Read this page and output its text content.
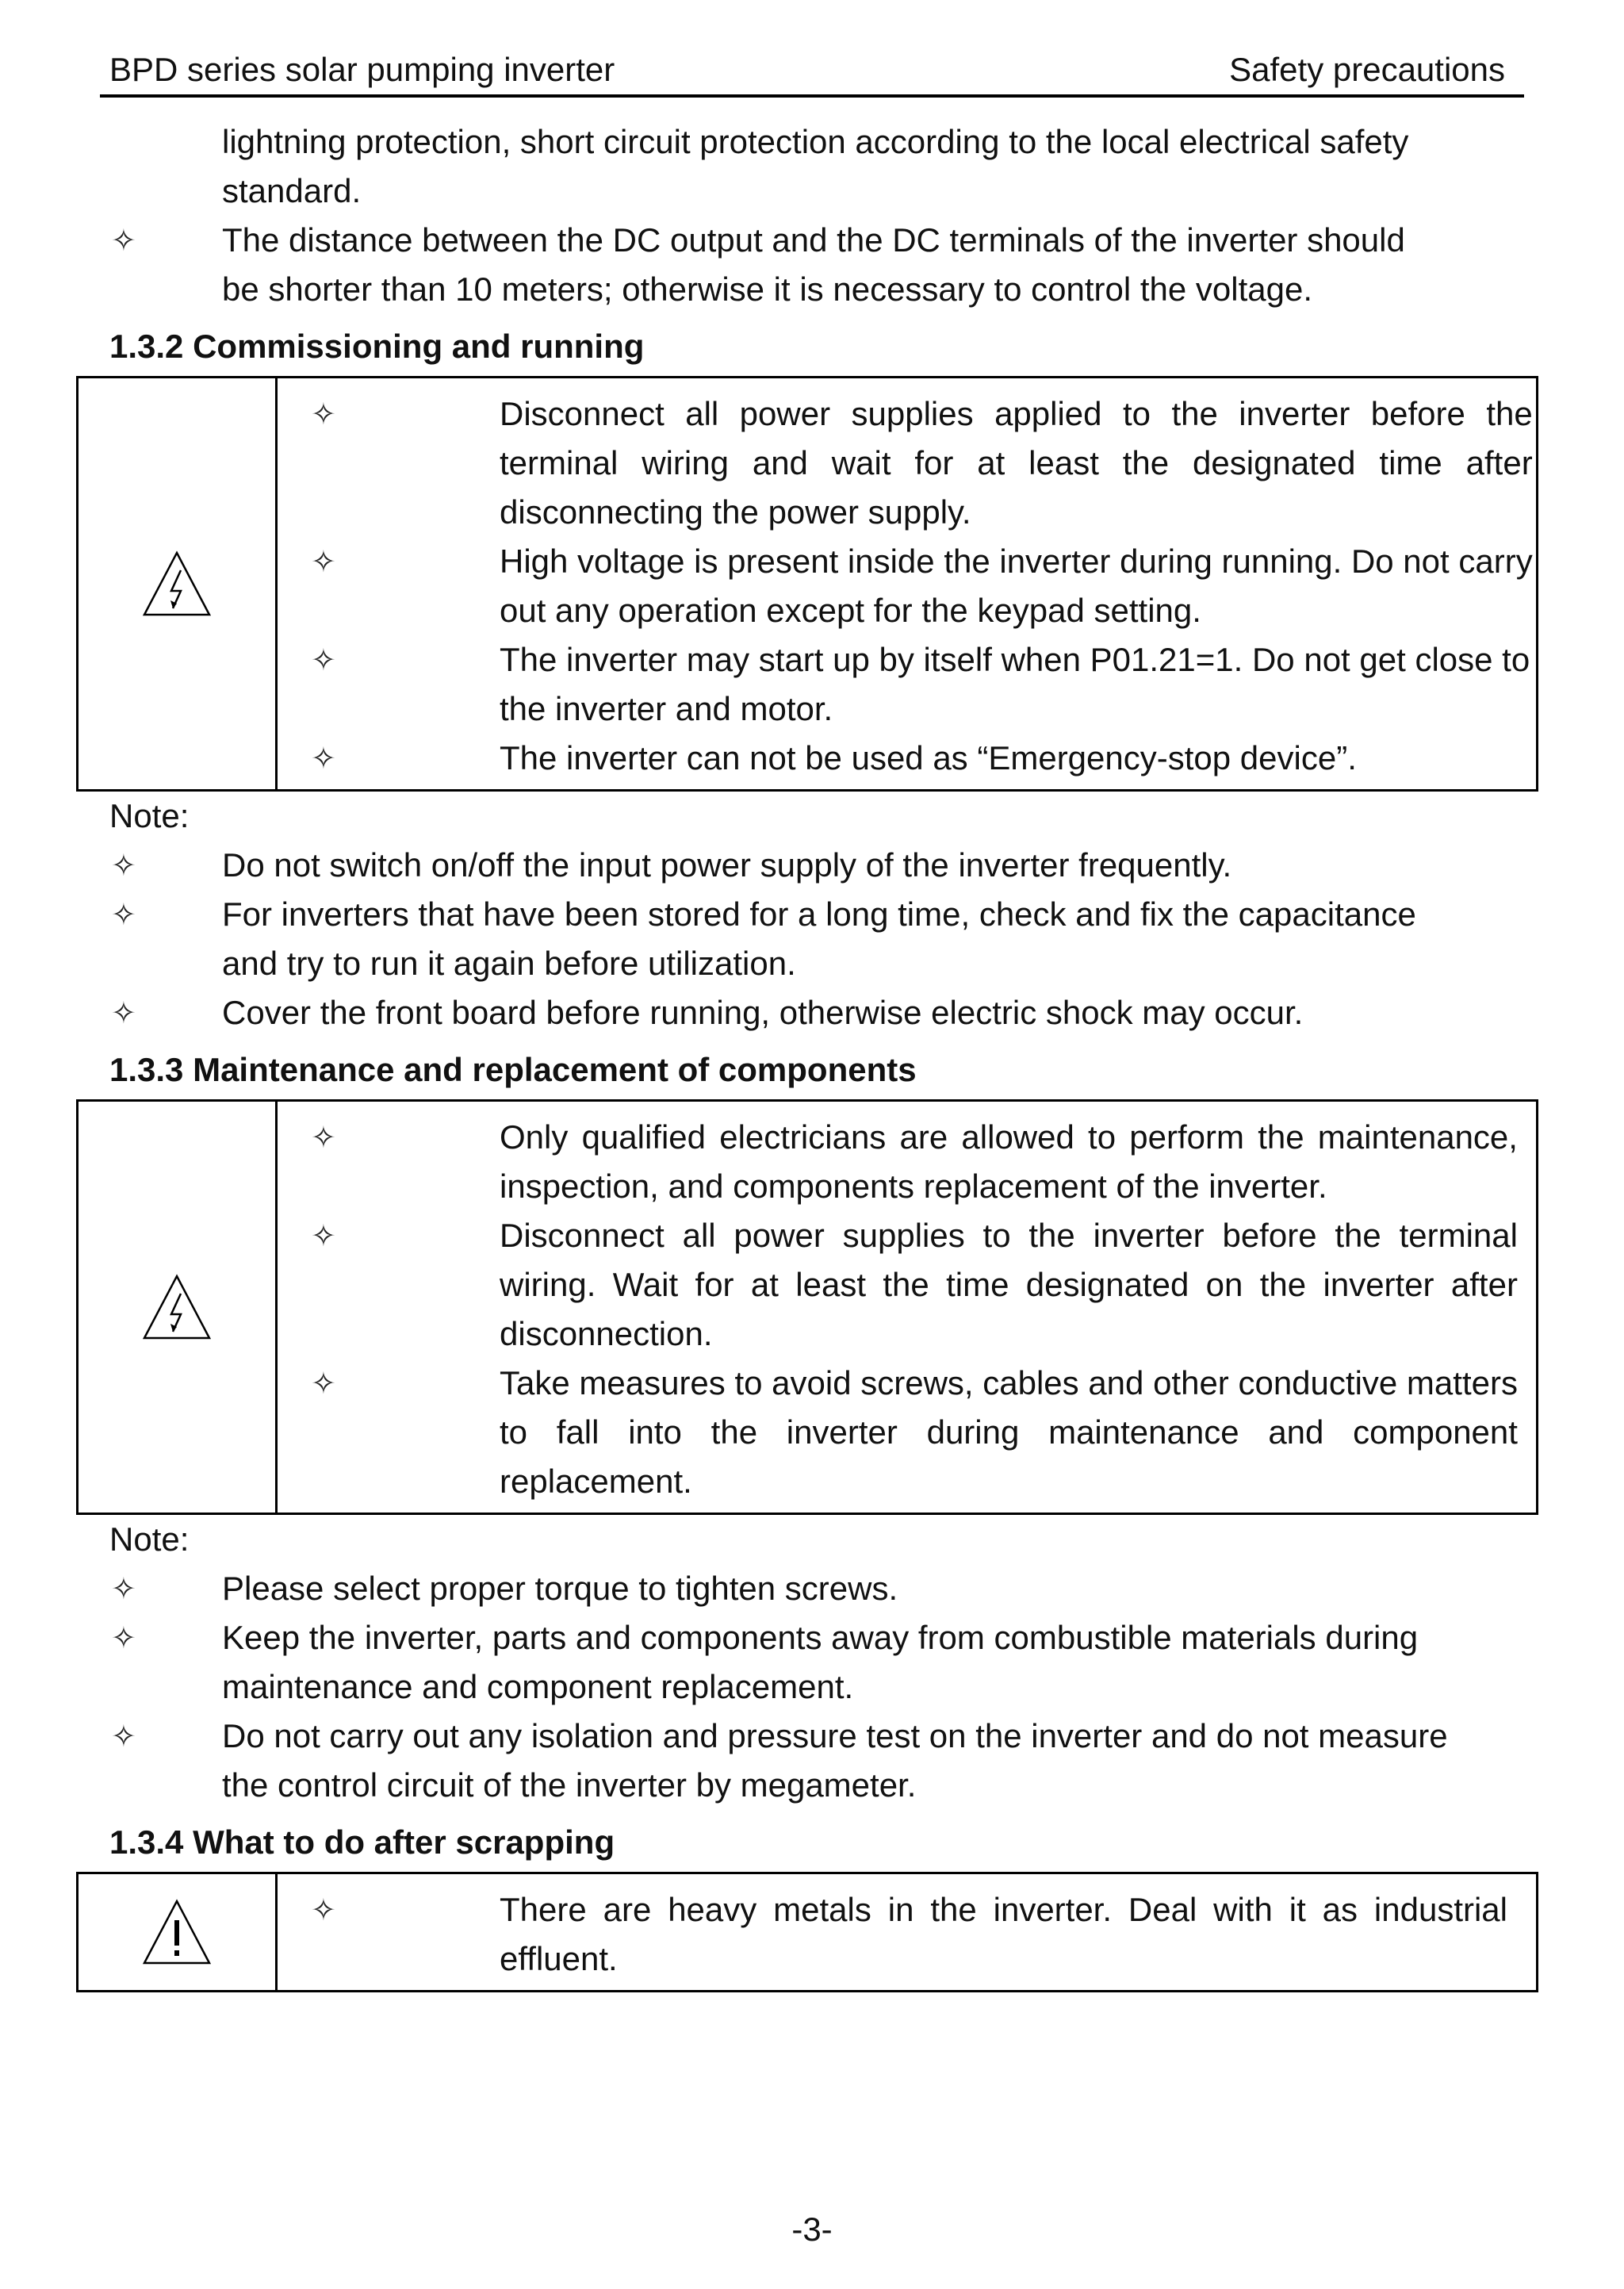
BPD series solar pumping inverter	Safety precautions
lightning protection, short circuit protection according to the local electrical safety
standard.
✧	The distance between the DC output and the DC terminals of the inverter should
be shorter than 10 meters; otherwise it is necessary to control the voltage.
1.3.2 Commissioning and running
✧	Disconnect all power supplies applied to the inverter before the
terminal wiring and wait for at least the designated time after
disconnecting the power supply.
✧	High voltage is present inside the inverter during running. Do not carry
out any operation except for the keypad setting.
✧	The inverter may start up by itself when P01.21=1. Do not get close to
the inverter and motor.
✧	The inverter can not be used as “Emergency-stop device”.
Note:
✧	Do not switch on/off the input power supply of the inverter frequently.
✧	For inverters that have been stored for a long time, check and fix the capacitance
and try to run it again before utilization.
✧	Cover the front board before running, otherwise electric shock may occur.
1.3.3 Maintenance and replacement of components
✧	Only qualified electricians are allowed to perform the maintenance,
inspection, and components replacement of the inverter.
✧	Disconnect all power supplies to the inverter before the terminal
wiring. Wait for at least the time designated on the inverter after
disconnection.
✧	Take measures to avoid screws, cables and other conductive matters
to fall into the inverter during maintenance and component
replacement.
Note:
✧	Please select proper torque to tighten screws.
✧	Keep the inverter, parts and components away from combustible materials during
maintenance and component replacement.
✧	Do not carry out any isolation and pressure test on the inverter and do not measure
the control circuit of the inverter by megameter.
1.3.4 What to do after scrapping
✧	There are heavy metals in the inverter. Deal with it as industrial
effluent.
-3-
